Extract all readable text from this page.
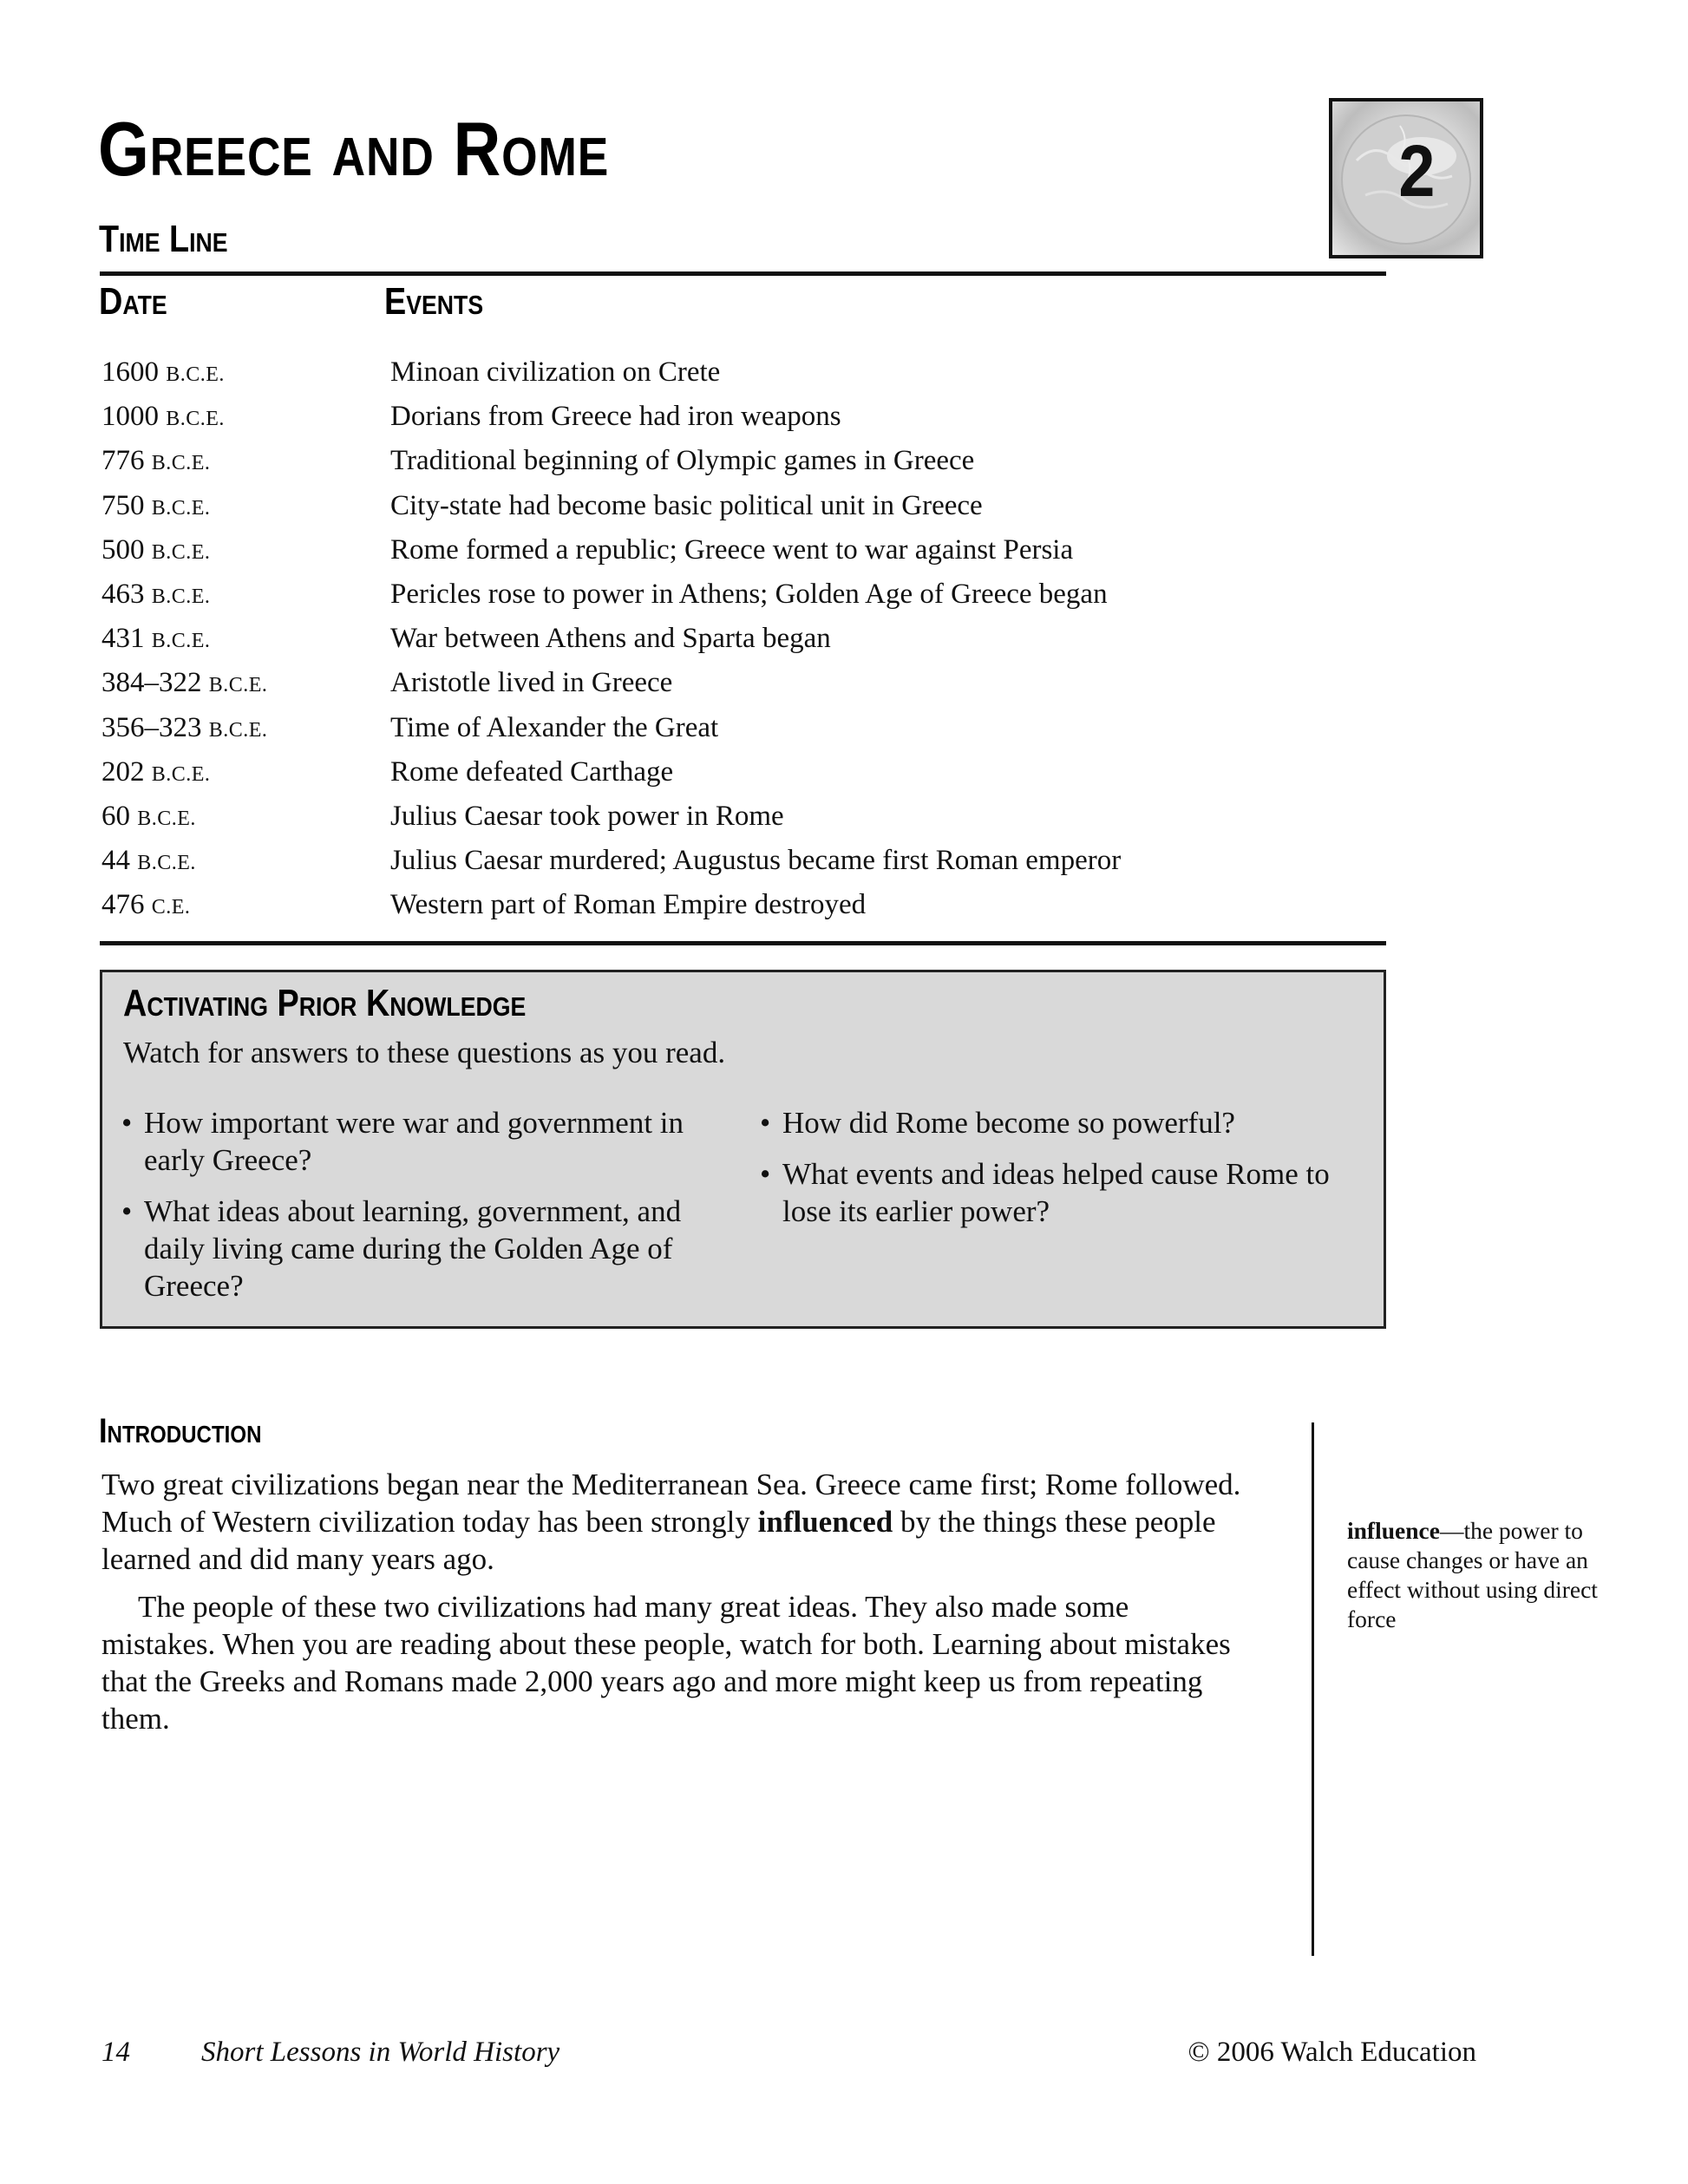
Greece and Rome	2
Time Line
Date	Events
1600 B.C.E.	Minoan civilization on Crete
1000 B.C.E.	Dorians from Greece had iron weapons
776 B.C.E.	Traditional beginning of Olympic games in Greece
750 B.C.E.	City-state had become basic political unit in Greece
500 B.C.E.	Rome formed a republic; Greece went to war against Persia
463 B.C.E.	Pericles rose to power in Athens; Golden Age of Greece began
431 B.C.E.	War between Athens and Sparta began
384–322 B.C.E.	Aristotle lived in Greece
356–323 B.C.E.	Time of Alexander the Great
202 B.C.E.	Rome defeated Carthage
60 B.C.E.	Julius Caesar took power in Rome
44 B.C.E.	Julius Caesar murdered; Augustus became first Roman emperor
476 C.E.	Western part of Roman Empire destroyed
Activating Prior Knowledge
Watch for answers to these questions as you read.
• How important were war and government in early Greece?
• What ideas about learning, government, and daily living came during the Golden Age of Greece?
• How did Rome become so powerful?
• What events and ideas helped cause Rome to lose its earlier power?
Introduction

Two great civilizations began near the Mediterranean Sea. Greece came first; Rome followed. Much of Western civilization today has been strongly influenced by the things these people learned and did many years ago.

The people of these two civilizations had many great ideas. They also made some mistakes. When you are reading about these people, watch for both. Learning about mistakes that the Greeks and Romans made 2,000 years ago and more might keep us from repeating them.

influence—the power to cause changes or have an effect without using direct force
14 Short Lessons in World History	© 2006 Walch Education
